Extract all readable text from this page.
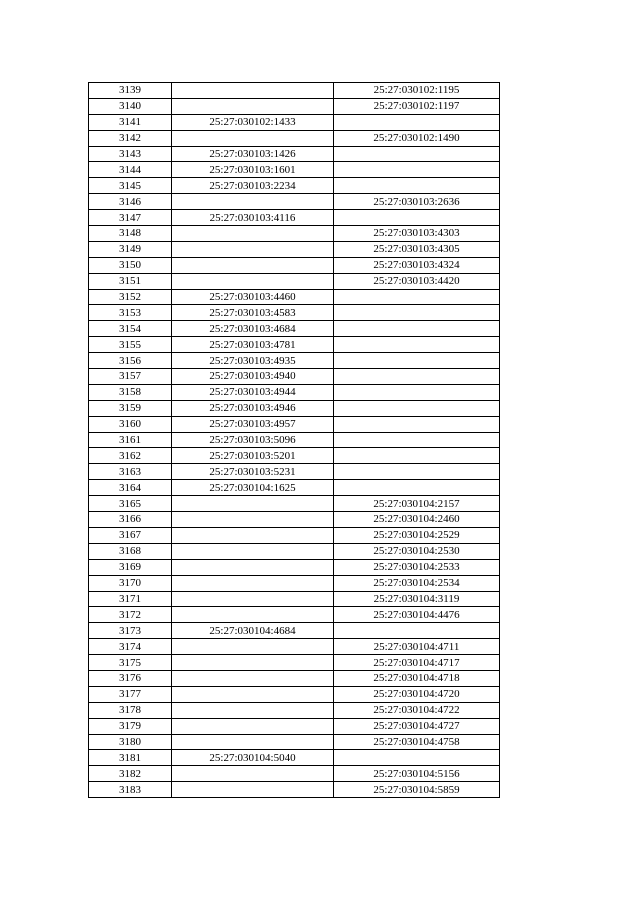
3139		25:27:030102:1195
3140		25:27:030102:1197
3141	25:27:030102:1433	
3142		25:27:030102:1490
3143	25:27:030103:1426	
3144	25:27:030103:1601	
3145	25:27:030103:2234	
3146		25:27:030103:2636
3147	25:27:030103:4116	
3148		25:27:030103:4303
3149		25:27:030103:4305
3150		25:27:030103:4324
3151		25:27:030103:4420
3152	25:27:030103:4460	
3153	25:27:030103:4583	
3154	25:27:030103:4684	
3155	25:27:030103:4781	
3156	25:27:030103:4935	
3157	25:27:030103:4940	
3158	25:27:030103:4944	
3159	25:27:030103:4946	
3160	25:27:030103:4957	
3161	25:27:030103:5096	
3162	25:27:030103:5201	
3163	25:27:030103:5231	
3164	25:27:030104:1625	
3165		25:27:030104:2157
3166		25:27:030104:2460
3167		25:27:030104:2529
3168		25:27:030104:2530
3169		25:27:030104:2533
3170		25:27:030104:2534
3171		25:27:030104:3119
3172		25:27:030104:4476
3173	25:27:030104:4684	
3174		25:27:030104:4711
3175		25:27:030104:4717
3176		25:27:030104:4718
3177		25:27:030104:4720
3178		25:27:030104:4722
3179		25:27:030104:4727
3180		25:27:030104:4758
3181	25:27:030104:5040	
3182		25:27:030104:5156
3183		25:27:030104:5859
